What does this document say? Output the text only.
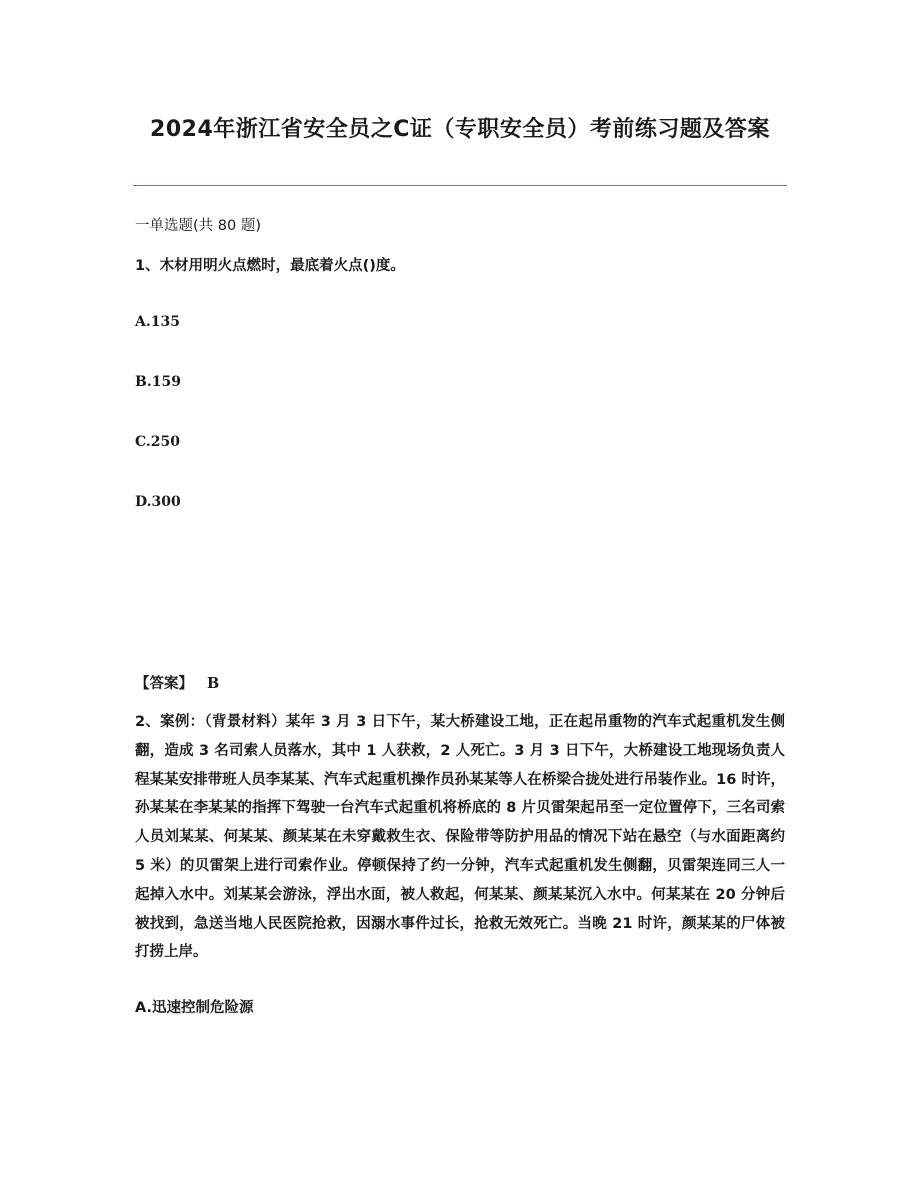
2024年浙江省安全员之C证（专职安全员）考前练习题及答案
一单选题(共 80 题)
1、木材用明火点燃时，最底着火点()度。
A.135
B.159
C.250
D.300
【答案】 B
2、案例：（背景材料）某年 3 月 3 日下午，某大桥建设工地，正在起吊重物的汽车式起重机发生侧翻，造成 3 名司索人员落水，其中 1 人获救，2 人死亡。3 月 3 日下午，大桥建设工地现场负责人程某某安排带班人员李某某、汽车式起重机操作员孙某某等人在桥梁合拢处进行吊装作业。16 时许，孙某某在李某某的指挥下驾驶一台汽车式起重机将桥底的 8 片贝雷架起吊至一定位置停下，三名司索人员刘某某、何某某、颜某某在未穿戴救生衣、保险带等防护用品的情况下站在悬空（与水面距离约 5 米）的贝雷架上进行司索作业。停顿保持了约一分钟，汽车式起重机发生侧翻，贝雷架连同三人一起掉入水中。刘某某会游泳，浮出水面，被人救起，何某某、颜某某沉入水中。何某某在 20 分钟后被找到，急送当地人民医院抢救，因溺水事件过长，抢救无效死亡。当晚 21 时许，颜某某的尸体被打捞上岸。
A.迅速控制危险源
